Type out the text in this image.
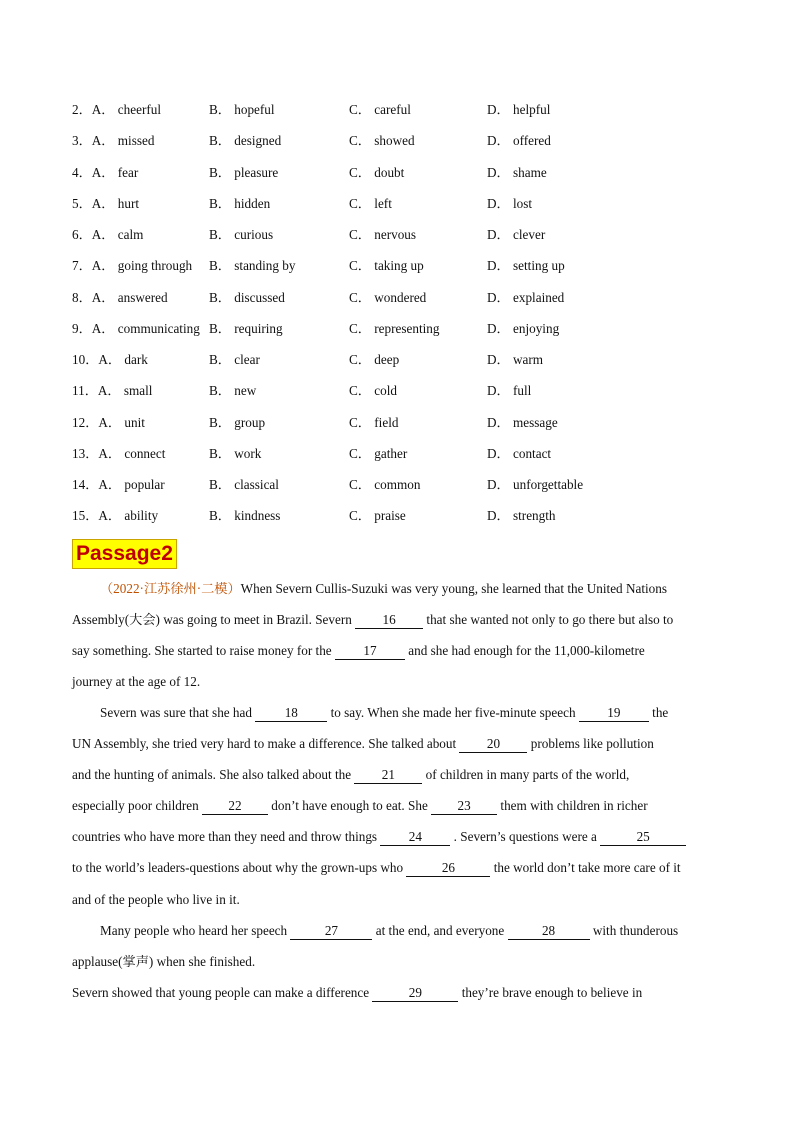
2．A． cheerful	B． hopeful	C． careful	D． helpful
3．A． missed	B． designed	C． showed	D． offered
4．A． fear	B． pleasure	C． doubt	D． shame
5．A． hurt	B． hidden	C． left	D． lost
6．A． calm	B． curious	C． nervous	D． clever
7．A． going through B． standing by	C． taking up	D． setting up
8．A． answered	B． discussed	C． wondered	D． explained
9．A． communicating B． requiring	C． representing	D． enjoying
10．A． dark	B． clear	C． deep	D． warm
11．A． small	B． new	C． cold	D． full
12．A． unit	B． group	C． field	D． message
13．A． connect	B． work	C． gather	D． contact
14．A． popular	B． classical	C． common	D． unforgettable
15．A． ability	B． kindness	C． praise	D． strength
Passage2
（2022·江苏徐州·二模）When Severn Cullis-Suzuki was very young, she learned that the United Nations
Assembly(大会) was going to meet in Brazil. Severn 16 that she wanted not only to go there but also to
say something. She started to raise money for the 17 and she had enough for the 11,000-kilometre
journey at the age of 12.
Severn was sure that she had 18 to say. When she made her five-minute speech 19 the
UN Assembly, she tried very hard to make a difference. She talked about 20 problems like pollution
and the hunting of animals. She also talked about the 21 of children in many parts of the world,
especially poor children 22 don’t have enough to eat. She 23 them with children in richer
countries who have more than they need and throw things 24 . Severn’s questions were a	25
to the world’s leaders-questions about why the grown-ups who	26	the world don’t take more care of it
and of the people who live in it.
Many people who heard her speech	27	at the end, and everyone	28	with thunderous
applause(掌声) when she finished.
Severn showed that young people can make a difference	29	they’re brave enough to believe in
